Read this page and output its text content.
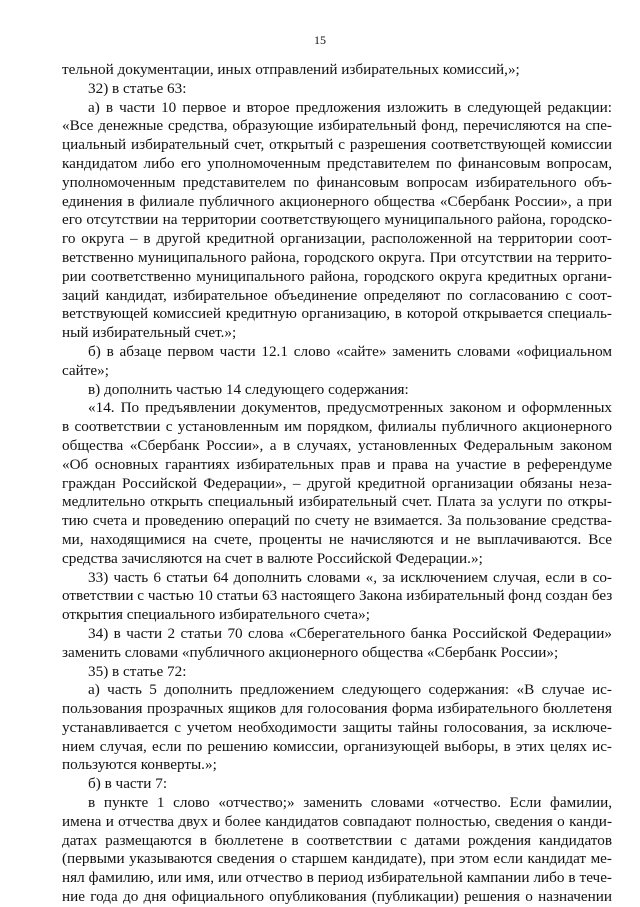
15
тельной документации, иных отправлений избирательных комиссий,»;
32) в статье 63:
а) в части 10 первое и второе предложения изложить в следующей редакции:
«Все денежные средства, образующие избирательный фонд, перечисляются на спе-
циальный избирательный счет, открытый с разрешения соответствующей комиссии
кандидатом либо его уполномоченным представителем по финансовым вопросам,
уполномоченным представителем по финансовым вопросам избирательного объ-
единения в филиале публичного акционерного общества «Сбербанк России», а при
его отсутствии на территории соответствующего муниципального района, городско-
го округа – в другой кредитной организации, расположенной на территории соот-
ветственно муниципального района, городского округа. При отсутствии на террито-
рии соответственно муниципального района, городского округа кредитных органи-
заций кандидат, избирательное объединение определяют по согласованию с соот-
ветствующей комиссией кредитную организацию, в которой открывается специаль-
ный избирательный счет.»;
б) в абзаце первом части 12.1 слово «сайте» заменить словами «официальном
сайте»;
в) дополнить частью 14 следующего содержания:
«14. По предъявлении документов, предусмотренных законом и оформленных
в соответствии с установленным им порядком, филиалы публичного акционерного
общества «Сбербанк России», а в случаях, установленных Федеральным законом
«Об основных гарантиях избирательных прав и права на участие в референдуме
граждан Российской Федерации», – другой кредитной организации обязаны неза-
медлительно открыть специальный избирательный счет. Плата за услуги по откры-
тию счета и проведению операций по счету не взимается. За пользование средства-
ми, находящимися на счете, проценты не начисляются и не выплачиваются. Все
средства зачисляются на счет в валюте Российской Федерации.»;
33) часть 6 статьи 64 дополнить словами «, за исключением случая, если в со-
ответствии с частью 10 статьи 63 настоящего Закона избирательный фонд создан без
открытия специального избирательного счета»;
34) в части 2 статьи 70 слова «Сберегательного банка Российской Федерации»
заменить словами «публичного акционерного общества «Сбербанк России»;
35) в статье 72:
а) часть 5 дополнить предложением следующего содержания: «В случае ис-
пользования прозрачных ящиков для голосования форма избирательного бюллетеня
устанавливается с учетом необходимости защиты тайны голосования, за исключе-
нием случая, если по решению комиссии, организующей выборы, в этих целях ис-
пользуются конверты.»;
б) в части 7:
в пункте 1 слово «отчество;» заменить словами «отчество. Если фамилии,
имена и отчества двух и более кандидатов совпадают полностью, сведения о канди-
датах размещаются в бюллетене в соответствии с датами рождения кандидатов
(первыми указываются сведения о старшем кандидате), при этом если кандидат ме-
нял фамилию, или имя, или отчество в период избирательной кампании либо в тече-
ние года до дня официального опубликования (публикации) решения о назначении
